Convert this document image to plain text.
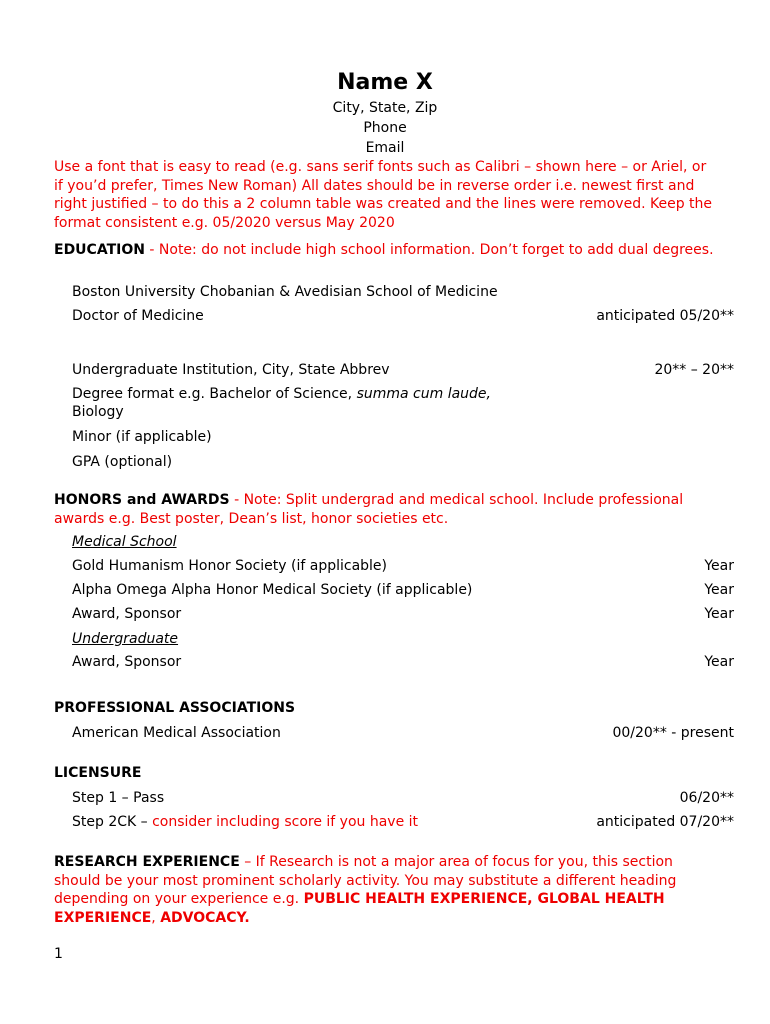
Name X
City, State, Zip
Phone
Email
Use a font that is easy to read (e.g. sans serif fonts such as Calibri – shown here – or Ariel, or if you’d prefer, Times New Roman) All dates should be in reverse order i.e. newest first and right justified – to do this a 2 column table was created and the lines were removed. Keep the format consistent e.g. 05/2020 versus May 2020
EDUCATION - Note: do not include high school information. Don’t forget to add dual degrees.
Boston University Chobanian & Avedisian School of Medicine
Doctor of Medicine	anticipated 05/20**
Undergraduate Institution, City, State Abbrev	20** – 20**
Degree format e.g. Bachelor of Science, summa cum laude,
Biology
Minor (if applicable)
GPA (optional)
HONORS and AWARDS - Note: Split undergrad and medical school. Include professional awards e.g. Best poster, Dean’s list, honor societies etc.
Medical School
Gold Humanism Honor Society (if applicable)	Year
Alpha Omega Alpha Honor Medical Society (if applicable)	Year
Award, Sponsor	Year
Undergraduate
Award, Sponsor	Year
PROFESSIONAL ASSOCIATIONS
American Medical Association	00/20** - present
LICENSURE
Step 1 – Pass	06/20**
Step 2CK – consider including score if you have it	anticipated 07/20**
RESEARCH EXPERIENCE – If Research is not a major area of focus for you, this section should be your most prominent scholarly activity. You may substitute a different heading depending on your experience e.g. PUBLIC HEALTH EXPERIENCE, GLOBAL HEALTH EXPERIENCE, ADVOCACY.
1
